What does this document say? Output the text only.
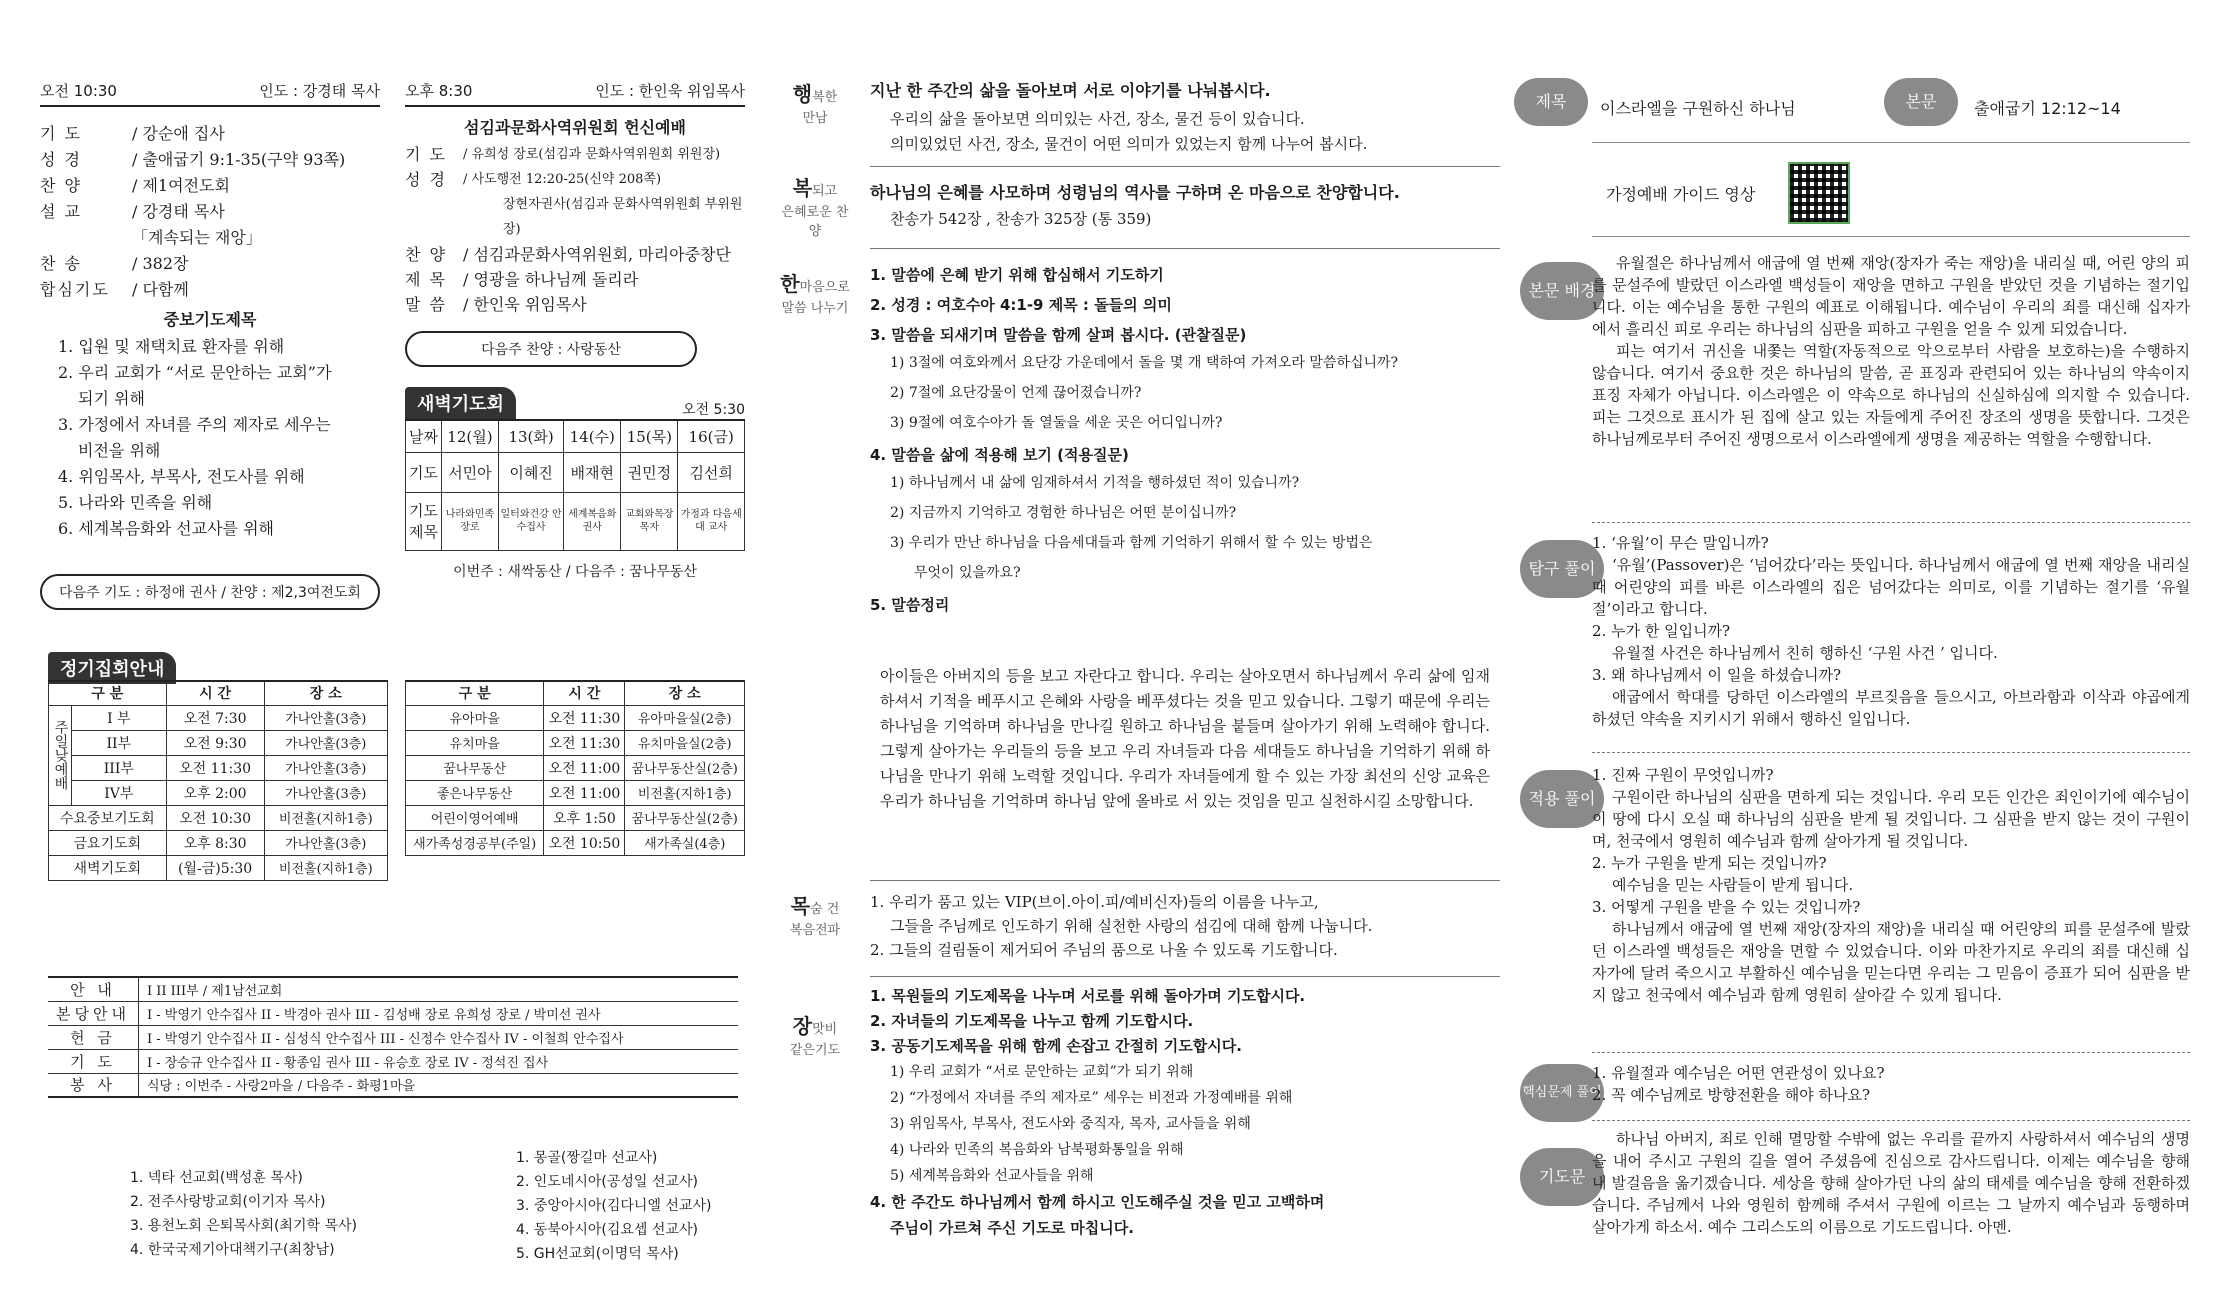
오전 10:30	인도 : 강경태 목사
기 도	/ 강순애 집사
성 경	/ 출애굽기 9:1-35(구약 93쪽)
찬 양	/ 제1여전도회
설 교	/ 강경태 목사
「계속되는 재앙」
찬 송	/ 382장
합심기도	/ 다함께
중보기도제목
1. 입원 및 재택치료 환자를 위해
2. 우리 교회가 “서로 문안하는 교회”가
되기 위해
3. 가정에서 자녀를 주의 제자로 세우는
비전을 위해
4. 위임목사, 부목사, 전도사를 위해
5. 나라와 민족을 위해
6. 세계복음화와 선교사를 위해
다음주 기도 : 하정애 권사 / 찬양 : 제2,3여전도회
오후 8:30	인도 : 한인욱 위임목사
섬김과문화사역위원회 헌신예배
기 도	/ 유희성 장로(섬김과 문화사역위원회 위원장)
성 경	/ 사도행전 12:20-25(신약 208쪽)
장현자권사(섬김과 문화사역위원회 부위원장)
찬 양	/ 섬김과문화사역위원회, 마리아중창단
제 목	/ 영광을 하나님께 돌리라
말 씀	/ 한인욱 위임목사
다음주 찬양 : 사랑동산
새벽기도회	오전 5:30
날짜	12(월)	13(화)	14(수)	15(목)	16(금)
기도	서민아	이혜진	배재현	권민정	김선희
기도 제목	나라와민족 장로	일터와건강 안수집사	세계복음화 권사	교회와목장 목자	가정과 다음세대 교사
이번주 : 새싹동산 / 다음주 : 꿈나무동산
정기집회안내
구 분		시 간	장 소
주일낮예배	I 부	오전 7:30	가나안홀(3층)
	II부	오전 9:30	가나안홀(3층)
	III부	오전 11:30	가나안홀(3층)
	IV부	오후 2:00	가나안홀(3층)
수요중보기도회		오전 10:30	비전홀(지하1층)
금요기도회		오후 8:30	가나안홀(3층)
새벽기도회		(월-금)5:30	비전홀(지하1층)
구 분	시 간	장 소
유아마을	오전 11:30	유아마을실(2층)
유치마을	오전 11:30	유치마을실(2층)
꿈나무동산	오전 11:00	꿈나무동산실(2층)
좋은나무동산	오전 11:00	비전홀(지하1층)
어린이영어예배	오후 1:50	꿈나무동산실(2층)
새가족성경공부(주일)	오전 10:50	새가족실(4층)
안 내	I II III부 / 제1남선교회
본당안내	I - 박영기 안수집사 II - 박경아 권사 III - 김성배 장로 유희성 장로 / 박미선 권사
헌 금	I - 박영기 안수집사 II - 심성식 안수집사 III - 신정수 안수집사 IV - 이철희 안수집사
기 도	I - 장승규 안수집사 II - 황종임 권사 III - 유승호 장로 IV - 정석진 집사
봉 사	식당 : 이번주 - 사랑2마을 / 다음주 - 화평1마을
1. 넥타 선교회(백성훈 목사)
2. 전주사랑방교회(이기자 목사)
3. 용천노회 은퇴목사회(최기학 목사)
4. 한국국제기아대책기구(최창남)
1. 몽골(짱길마 선교사)
2. 인도네시아(공성일 선교사)
3. 중앙아시아(김다니엘 선교사)
4. 동북아시아(김요셉 선교사)
5. GH선교회(이명덕 목사)
행복한
만남
복되고
은혜로운 찬양
한마음으로
말씀 나누기
목숨 건
복음전파
장맛비
같은기도
지난 한 주간의 삶을 돌아보며 서로 이야기를 나눠봅시다.
우리의 삶을 돌아보면 의미있는 사건, 장소, 물건 등이 있습니다.
의미있었던 사건, 장소, 물건이 어떤 의미가 있었는지 함께 나누어 봅시다.
하나님의 은혜를 사모하며 성령님의 역사를 구하며 온 마음으로 찬양합니다.
찬송가 542장 , 찬송가 325장 (통 359)
1. 말씀에 은혜 받기 위해 합심해서 기도하기
2. 성경 : 여호수아 4:1-9 제목 : 돌들의 의미
3. 말씀을 되새기며 말씀을 함께 살펴 봅시다. (관찰질문)
1) 3절에 여호와께서 요단강 가운데에서 돌을 몇 개 택하여 가져오라 말씀하십니까?
2) 7절에 요단강물이 언제 끊어졌습니까?
3) 9절에 여호수아가 돌 열둘을 세운 곳은 어디입니까?
4. 말씀을 삶에 적용해 보기 (적용질문)
1) 하나님께서 내 삶에 임재하셔서 기적을 행하셨던 적이 있습니까?
2) 지금까지 기억하고 경험한 하나님은 어떤 분이십니까?
3) 우리가 만난 하나님을 다음세대들과 함께 기억하기 위해서 할 수 있는 방법은
무엇이 있을까요?
5. 말씀정리
아이들은 아버지의 등을 보고 자란다고 합니다. 우리는 살아오면서 하나님께서 우리 삶에 임재하셔서 기적을 베푸시고 은혜와 사랑을 베푸셨다는 것을 믿고 있습니다. 그렇기 때문에 우리는 하나님을 기억하며 하나님을 만나길 원하고 하나님을 붙들며 살아가기 위해 노력해야 합니다. 그렇게 살아가는 우리들의 등을 보고 우리 자녀들과 다음 세대들도 하나님을 기억하기 위해 하나님을 만나기 위해 노력할 것입니다. 우리가 자녀들에게 할 수 있는 가장 최선의 신앙 교육은 우리가 하나님을 기억하며 하나님 앞에 올바로 서 있는 것임을 믿고 실천하시길 소망합니다.
1. 우리가 품고 있는 VIP(브이.아이.피/예비신자)들의 이름을 나누고,
그들을 주님께로 인도하기 위해 실천한 사랑의 섬김에 대해 함께 나눕니다.
2. 그들의 걸림돌이 제거되어 주님의 품으로 나올 수 있도록 기도합니다.
1. 목원들의 기도제목을 나누며 서로를 위해 돌아가며 기도합시다.
2. 자녀들의 기도제목을 나누고 함께 기도합시다.
3. 공동기도제목을 위해 함께 손잡고 간절히 기도합시다.
1) 우리 교회가 “서로 문안하는 교회”가 되기 위해
2) “가정에서 자녀를 주의 제자로” 세우는 비전과 가정예배를 위해
3) 위임목사, 부목사, 전도사와 중직자, 목자, 교사들을 위해
4) 나라와 민족의 복음화와 남북평화통일을 위해
5) 세계복음화와 선교사들을 위해
4. 한 주간도 하나님께서 함께 하시고 인도해주실 것을 믿고 고백하며
주님이 가르쳐 주신 기도로 마칩니다.
제목	이스라엘을 구원하신 하나님	본문	출애굽기 12:12~14
가정예배 가이드 영상
본문 배경
유월절은 하나님께서 애굽에 열 번째 재앙(장자가 죽는 재앙)을 내리실 때, 어린 양의 피를 문설주에 발랐던 이스라엘 백성들이 재앙을 면하고 구원을 받았던 것을 기념하는 절기입니다. 이는 예수님을 통한 구원의 예표로 이해됩니다. 예수님이 우리의 죄를 대신해 십자가에서 흘리신 피로 우리는 하나님의 심판을 피하고 구원을 얻을 수 있게 되었습니다.
피는 여기서 귀신을 내쫓는 역할(자동적으로 악으로부터 사람을 보호하는)을 수행하지 않습니다. 여기서 중요한 것은 하나님의 말씀, 곧 표징과 관련되어 있는 하나님의 약속이지 표징 자체가 아닙니다. 이스라엘은 이 약속으로 하나님의 신실하심에 의지할 수 있습니다. 피는 그것으로 표시가 된 집에 살고 있는 자들에게 주어진 장조의 생명을 뜻합니다. 그것은 하나님께로부터 주어진 생명으로서 이스라엘에게 생명을 제공하는 역할을 수행합니다.
탐구 풀이
1. ‘유월’이 무슨 말입니까?
‘유월’(Passover)은 ‘넘어갔다’라는 뜻입니다. 하나님께서 애굽에 열 번째 재앙을 내리실 때 어린양의 피를 바른 이스라엘의 집은 넘어갔다는 의미로, 이를 기념하는 절기를 ‘유월절’이라고 합니다.
2. 누가 한 일입니까?
유월절 사건은 하나님께서 친히 행하신 ‘구원 사건 ’ 입니다.
3. 왜 하나님께서 이 일을 하셨습니까?
애굽에서 학대를 당하던 이스라엘의 부르짖음을 들으시고, 아브라함과 이삭과 야곱에게 하셨던 약속을 지키시기 위해서 행하신 일입니다.
적용 풀이
1. 진짜 구원이 무엇입니까?
구원이란 하나님의 심판을 면하게 되는 것입니다. 우리 모든 인간은 죄인이기에 예수님이 이 땅에 다시 오실 때 하나님의 심판을 받게 될 것입니다. 그 심판을 받지 않는 것이 구원이며, 천국에서 영원히 예수님과 함께 살아가게 될 것입니다.
2. 누가 구원을 받게 되는 것입니까?
예수님을 믿는 사람들이 받게 됩니다.
3. 어떻게 구원을 받을 수 있는 것입니까?
하나님께서 애굽에 열 번째 재앙(장자의 재앙)을 내리실 때 어린양의 피를 문설주에 발랐던 이스라엘 백성들은 재앙을 면할 수 있었습니다. 이와 마찬가지로 우리의 죄를 대신해 십자가에 달려 죽으시고 부활하신 예수님을 믿는다면 우리는 그 믿음이 증표가 되어 심판을 받지 않고 천국에서 예수님과 함께 영원히 살아갈 수 있게 됩니다.
핵심문제 풀이
1. 유월절과 예수님은 어떤 연관성이 있나요?
2. 꼭 예수님께로 방향전환을 해야 하나요?
기도문
하나님 아버지, 죄로 인해 멸망할 수밖에 없는 우리를 끝까지 사랑하셔서 예수님의 생명을 내어 주시고 구원의 길을 열어 주셨음에 진심으로 감사드립니다. 이제는 예수님을 향해 내 발걸음을 옮기겠습니다. 세상을 향해 살아가던 나의 삶의 태세를 예수님을 향해 전환하겠습니다. 주님께서 나와 영원히 함께해 주셔서 구원에 이르는 그 날까지 예수님과 동행하며 살아가게 하소서. 예수 그리스도의 이름으로 기도드립니다. 아멘.
